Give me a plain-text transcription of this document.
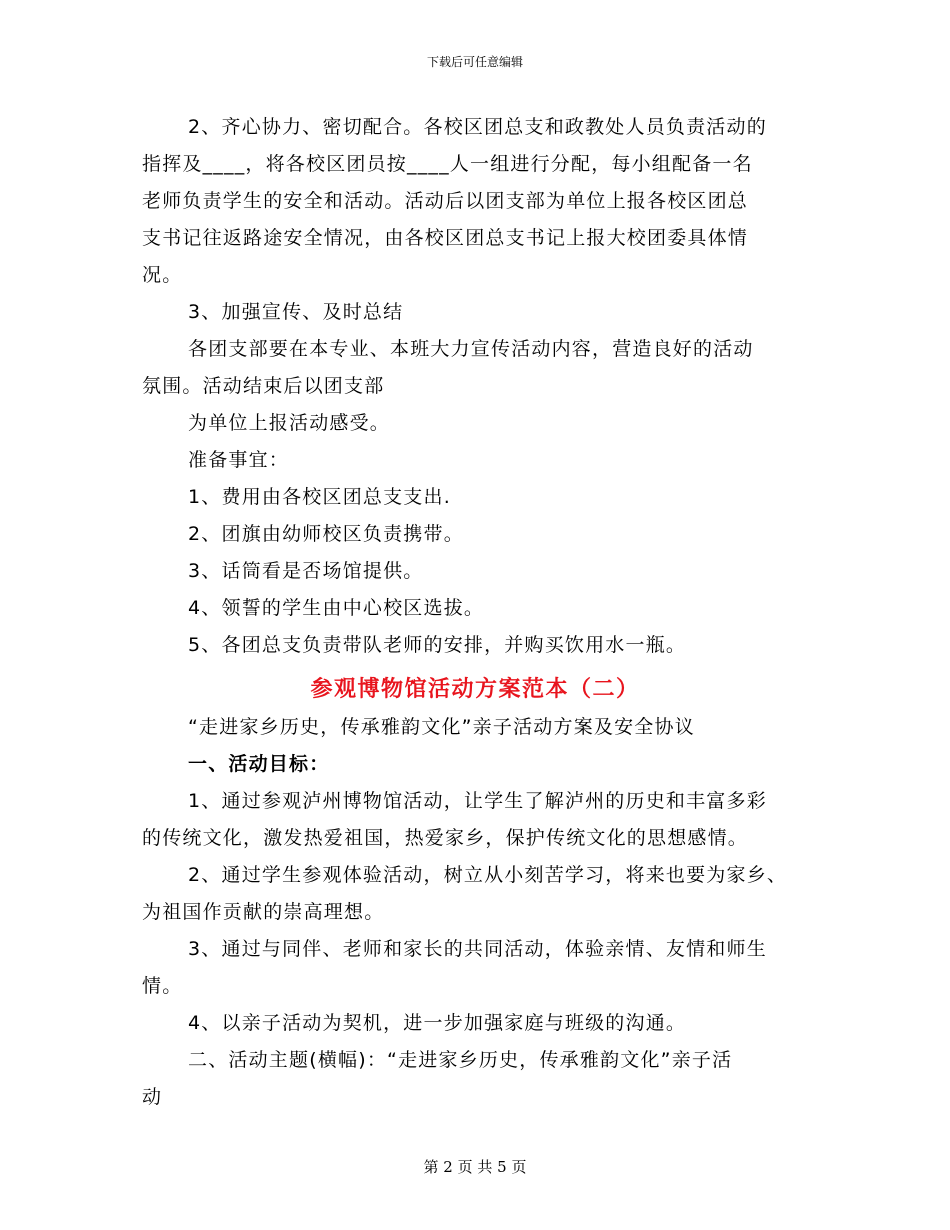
下载后可任意编辑
2、齐心协力、密切配合。各校区团总支和政教处人员负责活动的
指挥及____，将各校区团员按____人一组进行分配，每小组配备一名
老师负责学生的安全和活动。活动后以团支部为单位上报各校区团总
支书记往返路途安全情况，由各校区团总支书记上报大校团委具体情
况。
3、加强宣传、及时总结
各团支部要在本专业、本班大力宣传活动内容，营造良好的活动
氛围。活动结束后以团支部
为单位上报活动感受。
准备事宜：
1、费用由各校区团总支支出.
2、团旗由幼师校区负责携带。
3、话筒看是否场馆提供。
4、领誓的学生由中心校区选拔。
5、各团总支负责带队老师的安排，并购买饮用水一瓶。
参观博物馆活动方案范本（二）
“走进家乡历史，传承雅韵文化”亲子活动方案及安全协议
一、活动目标：
1、通过参观泸州博物馆活动，让学生了解泸州的历史和丰富多彩
的传统文化，激发热爱祖国，热爱家乡，保护传统文化的思想感情。
2、通过学生参观体验活动，树立从小刻苦学习，将来也要为家乡、
为祖国作贡献的崇高理想。
3、通过与同伴、老师和家长的共同活动，体验亲情、友情和师生
情。
4、以亲子活动为契机，进一步加强家庭与班级的沟通。
二、活动主题(横幅)：“走进家乡历史，传承雅韵文化”亲子活
动
第 2 页 共 5 页
